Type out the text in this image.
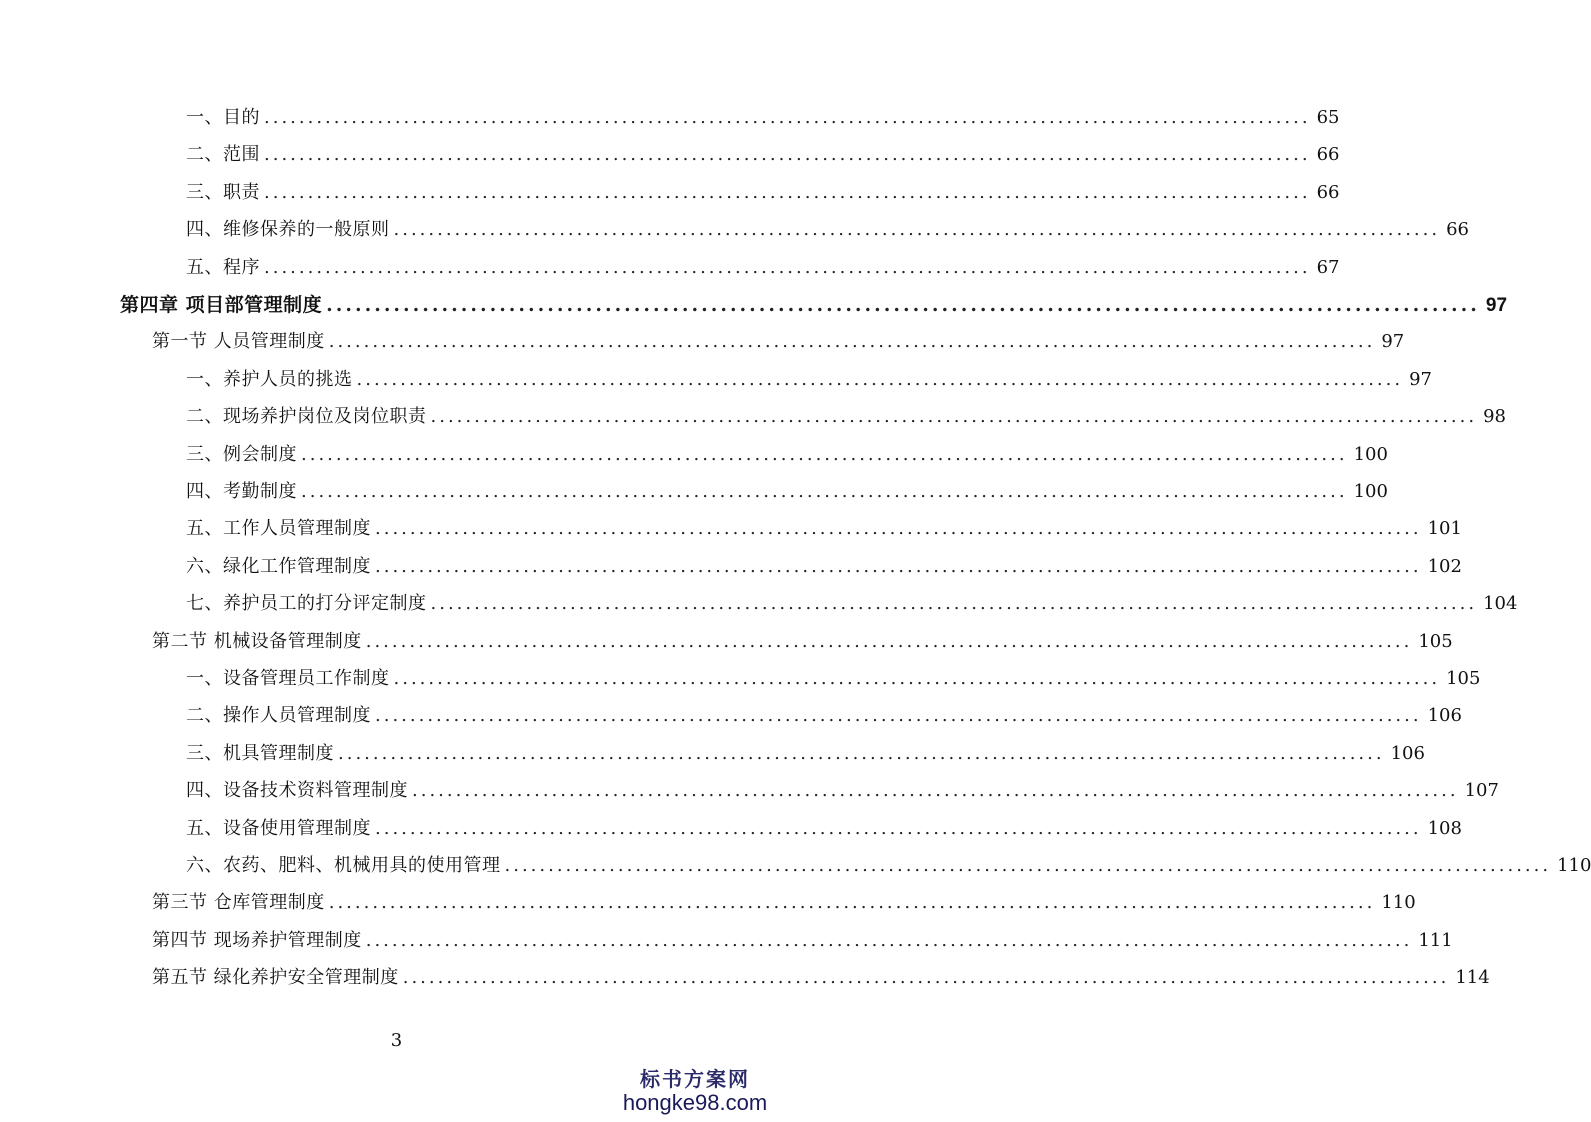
一、目的 ........................................................................................................................ 65
二、范围 ........................................................................................................................ 66
三、职责 ........................................................................................................................ 66
四、维修保养的一般原则 ........................................................................................................................ 66
五、程序 ........................................................................................................................ 67
第四章 项目部管理制度 ........................................................................................................................ 97
第一节 人员管理制度 ........................................................................................................................ 97
一、养护人员的挑选 ........................................................................................................................ 97
二、现场养护岗位及岗位职责 ........................................................................................................................ 98
三、例会制度 ........................................................................................................................ 100
四、考勤制度 ........................................................................................................................ 100
五、工作人员管理制度 ........................................................................................................................ 101
六、绿化工作管理制度 ........................................................................................................................ 102
七、养护员工的打分评定制度 ........................................................................................................................ 104
第二节 机械设备管理制度 ........................................................................................................................ 105
一、设备管理员工作制度 ........................................................................................................................ 105
二、操作人员管理制度 ........................................................................................................................ 106
三、机具管理制度 ........................................................................................................................ 106
四、设备技术资料管理制度 ........................................................................................................................ 107
五、设备使用管理制度 ........................................................................................................................ 108
六、农药、肥料、机械用具的使用管理 ........................................................................................................................ 110
第三节 仓库管理制度 ........................................................................................................................ 110
第四节 现场养护管理制度 ........................................................................................................................ 111
第五节 绿化养护安全管理制度 ........................................................................................................................ 114
3
标书方案网
hongke98.com
